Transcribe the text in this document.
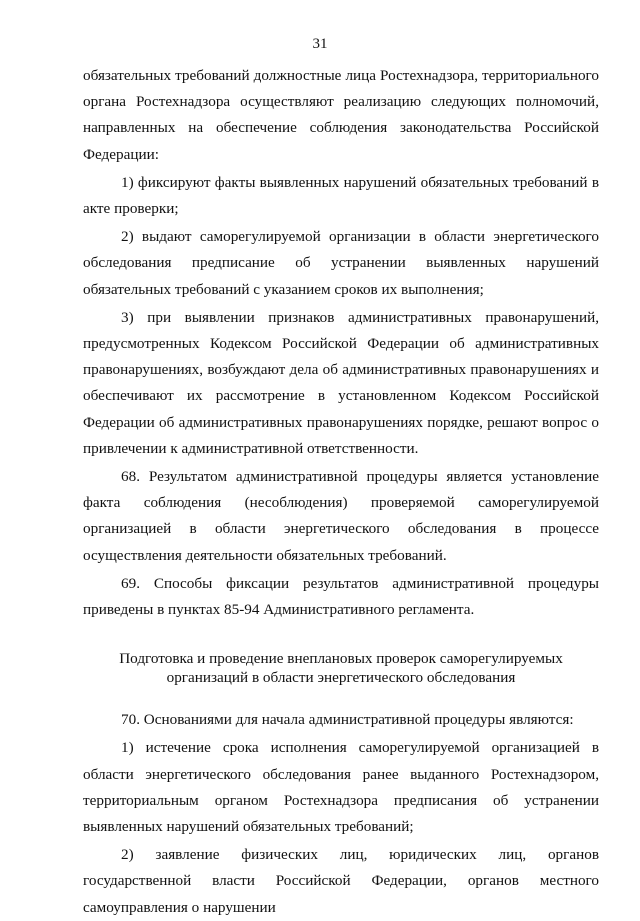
31

обязательных требований должностные лица Ростехнадзора, территориального органа Ростехнадзора осуществляют реализацию следующих полномочий, направленных на обеспечение соблюдения законодательства Российской Федерации:

1) фиксируют факты выявленных нарушений обязательных требований в акте проверки;

2) выдают саморегулируемой организации в области энергетического обследования предписание об устранении выявленных нарушений обязательных требований с указанием сроков их выполнения;

3) при выявлении признаков административных правонарушений, предусмотренных Кодексом Российской Федерации об административных правонарушениях, возбуждают дела об административных правонарушениях и обеспечивают их рассмотрение в установленном Кодексом Российской Федерации об административных правонарушениях порядке, решают вопрос о привлечении к административной ответственности.

68. Результатом административной процедуры является установление факта соблюдения (несоблюдения) проверяемой саморегулируемой организацией в области энергетического обследования в процессе осуществления деятельности обязательных требований.

69. Способы фиксации результатов административной процедуры приведены в пунктах 85-94 Административного регламента.

Подготовка и проведение внеплановых проверок саморегулируемых
организаций в области энергетического обследования

70. Основаниями для начала административной процедуры являются:

1) истечение срока исполнения саморегулируемой организацией в области энергетического обследования ранее выданного Ростехнадзором, территориальным органом Ростехнадзора предписания об устранении выявленных нарушений обязательных требований;

2) заявление физических лиц, юридических лиц, органов государственной власти Российской Федерации, органов местного самоуправления о нарушении
